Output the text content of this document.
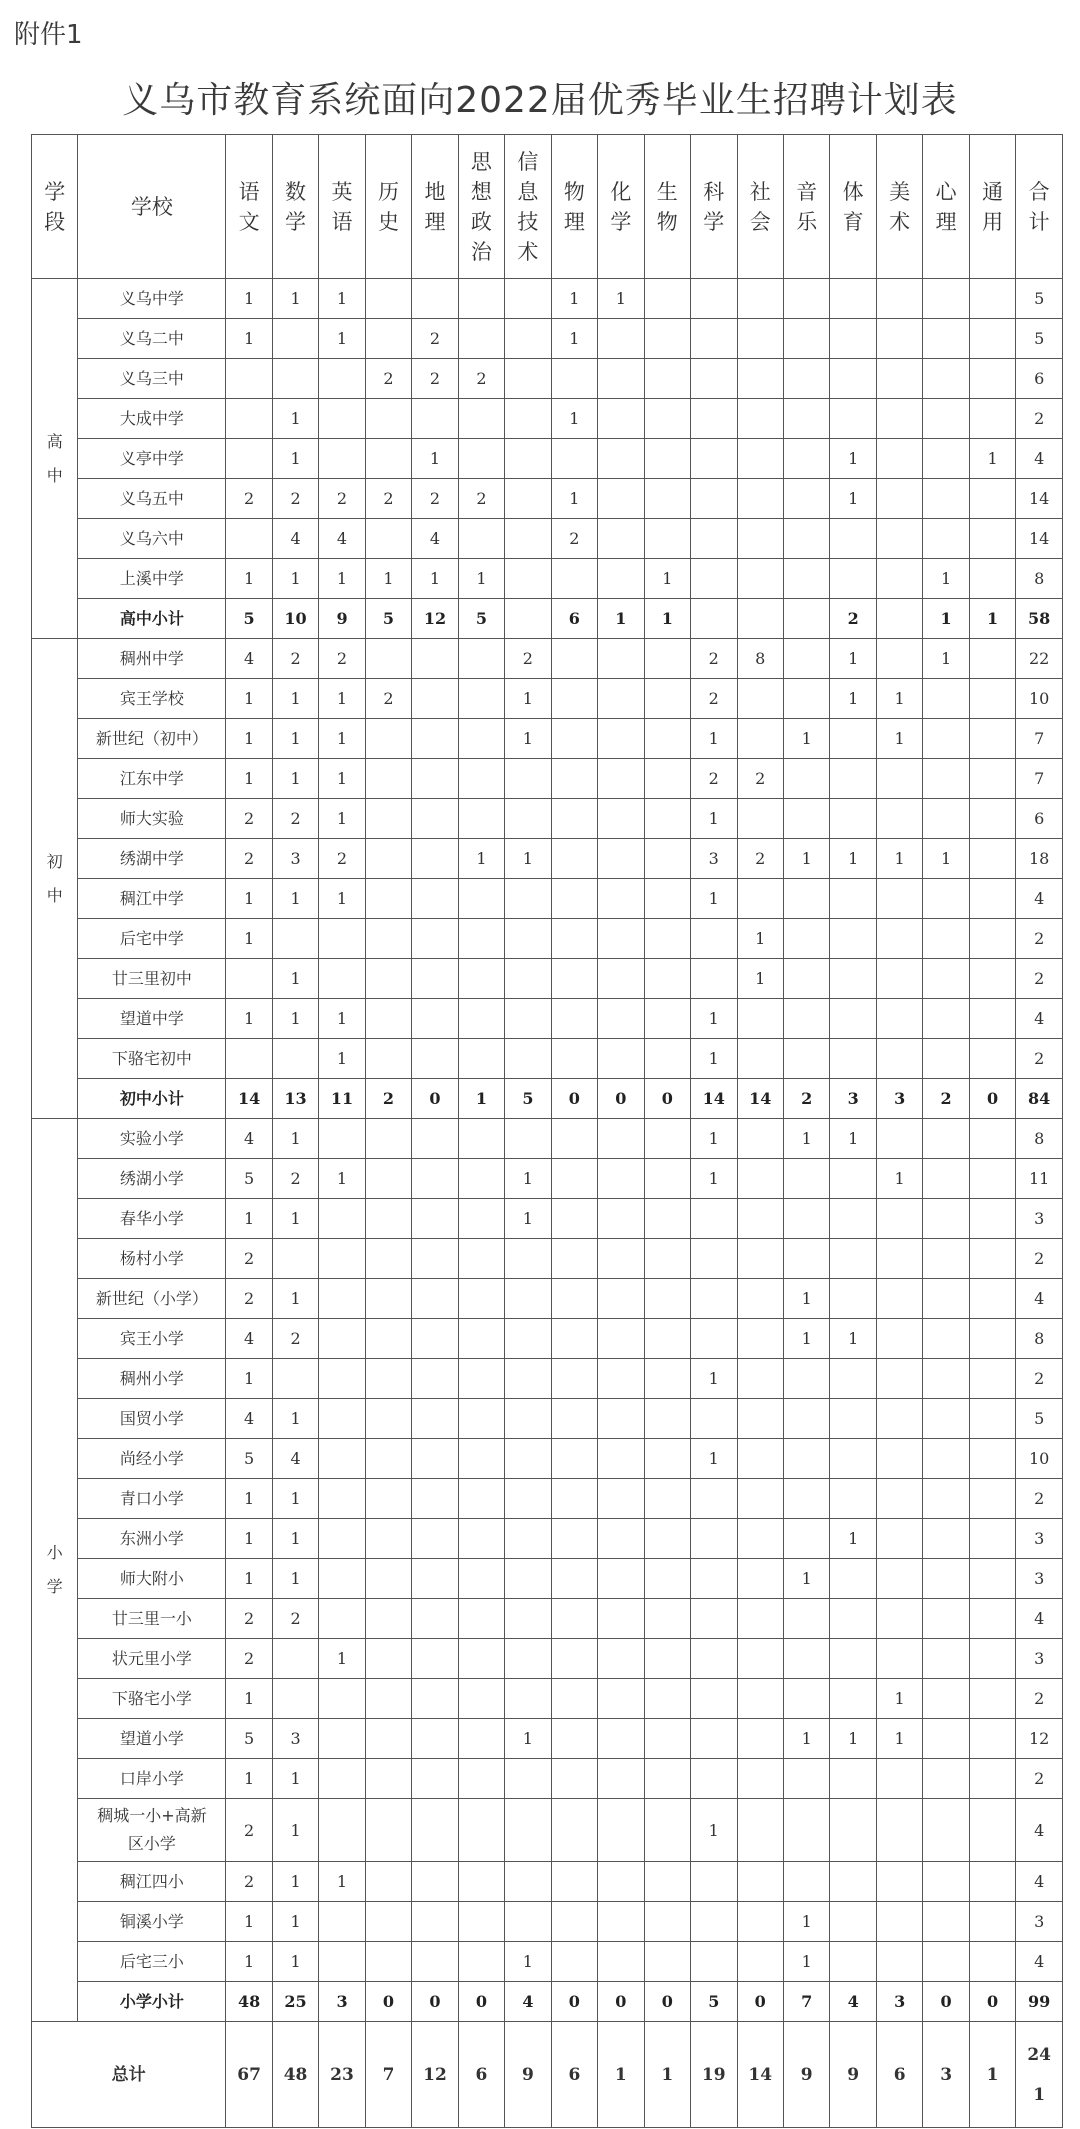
附件1
义乌市教育系统面向2022届优秀毕业生招聘计划表
学段	学校	语文	数学	英语	历史	地理	思想政治	信息技术	物理	化学	生物	科学	社会	音乐	体育	美术	心理	通用	合计
高中	义乌中学	1	1	1					1	1									5
	义乌二中	1		1		2			1										5
	义乌三中				2	2	2												6
	大成中学		1						1										2
	义亭中学		1			1									1			1	4
	义乌五中	2	2	2	2	2	2		1						1				14
	义乌六中		4	4		4			2										14
	上溪中学	1	1	1	1	1	1				1						1		8
	高中小计	5	10	9	5	12	5		6	1	1				2		1	1	58
初中	稠州中学	4	2	2				2				2	8		1		1		22
	宾王学校	1	1	1	2			1				2			1	1			10
	新世纪（初中）	1	1	1				1				1		1		1			7
	江东中学	1	1	1								2	2						7
	师大实验	2	2	1								1							6
	绣湖中学	2	3	2			1	1				3	2	1	1	1	1		18
	稠江中学	1	1	1								1							4
	后宅中学	1											1						2
	廿三里初中		1										1						2
	望道中学	1	1	1								1							4
	下骆宅初中			1								1							2
	初中小计	14	13	11	2	0	1	5	0	0	0	14	14	2	3	3	2	0	84
小学	实验小学	4	1									1		1	1				8
	绣湖小学	5	2	1				1				1				1			11
	春华小学	1	1					1											3
	杨村小学	2																	2
	新世纪（小学）	2	1											1					4
	宾王小学	4	2											1	1				8
	稠州小学	1										1							2
	国贸小学	4	1																5
	尚经小学	5	4									1							10
	青口小学	1	1																2
	东洲小学	1	1												1				3
	师大附小	1	1											1					3
	廿三里一小	2	2																4
	状元里小学	2		1															3
	下骆宅小学	1														1			2
	望道小学	5	3					1						1	1	1			12
	口岸小学	1	1																2
	稠城一小+高新区小学	2	1									1							4
	稠江四小	2	1	1															4
	铜溪小学	1	1											1					3
	后宅三小	1	1					1						1					4
	小学小计	48	25	3	0	0	0	4	0	0	0	5	0	7	4	3	0	0	99
总计		67	48	23	7	12	6	9	6	1	1	19	14	9	9	6	3	1	241
